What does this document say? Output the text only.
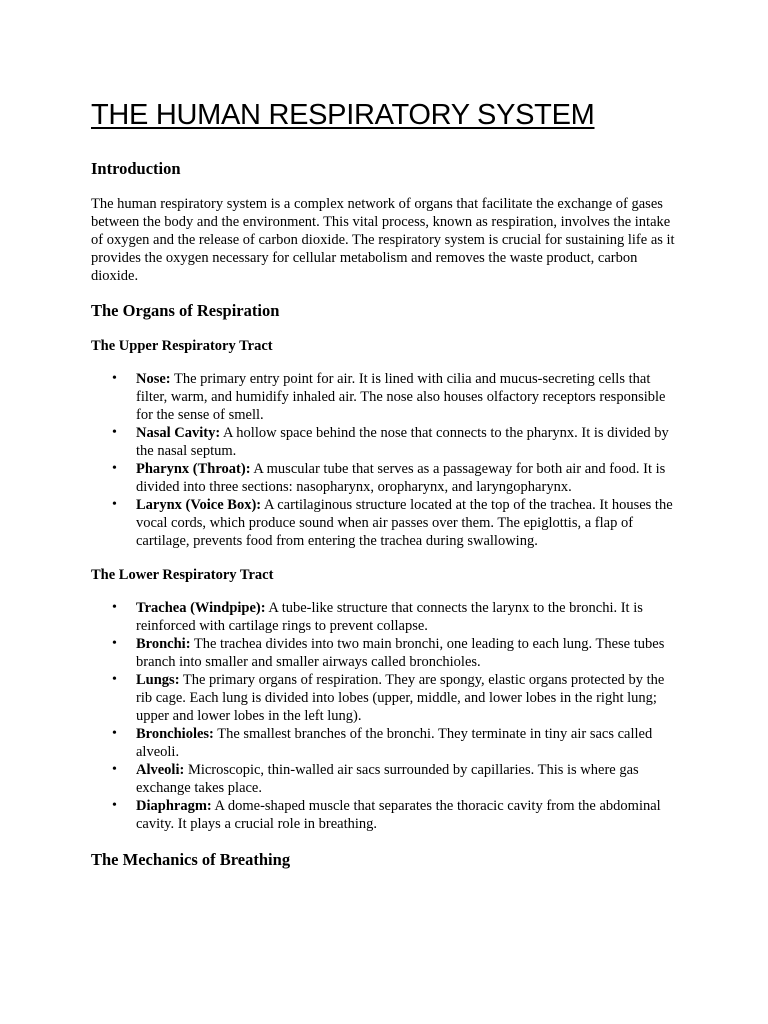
THE HUMAN RESPIRATORY SYSTEM
Introduction

The human respiratory system is a complex network of organs that facilitate the exchange of gases between the body and the environment. This vital process, known as respiration, involves the intake of oxygen and the release of carbon dioxide. The respiratory system is crucial for sustaining life as it provides the oxygen necessary for cellular metabolism and removes the waste product, carbon dioxide.

The Organs of Respiration
The Upper Respiratory Tract
• Nose: The primary entry point for air. It is lined with cilia and mucus-secreting cells that filter, warm, and humidify inhaled air. The nose also houses olfactory receptors responsible for the sense of smell.
• Nasal Cavity: A hollow space behind the nose that connects to the pharynx. It is divided by the nasal septum.
• Pharynx (Throat): A muscular tube that serves as a passageway for both air and food. It is divided into three sections: nasopharynx, oropharynx, and laryngopharynx.
• Larynx (Voice Box): A cartilaginous structure located at the top of the trachea. It houses the vocal cords, which produce sound when air passes over them. The epiglottis, a flap of cartilage, prevents food from entering the trachea during swallowing.
The Lower Respiratory Tract
• Trachea (Windpipe): A tube-like structure that connects the larynx to the bronchi. It is reinforced with cartilage rings to prevent collapse.
• Bronchi: The trachea divides into two main bronchi, one leading to each lung. These tubes branch into smaller and smaller airways called bronchioles.
• Lungs: The primary organs of respiration. They are spongy, elastic organs protected by the rib cage. Each lung is divided into lobes (upper, middle, and lower lobes in the right lung; upper and lower lobes in the left lung).
• Bronchioles: The smallest branches of the bronchi. They terminate in tiny air sacs called alveoli.
• Alveoli: Microscopic, thin-walled air sacs surrounded by capillaries. This is where gas exchange takes place.
• Diaphragm: A dome-shaped muscle that separates the thoracic cavity from the abdominal cavity. It plays a crucial role in breathing.
The Mechanics of Breathing
